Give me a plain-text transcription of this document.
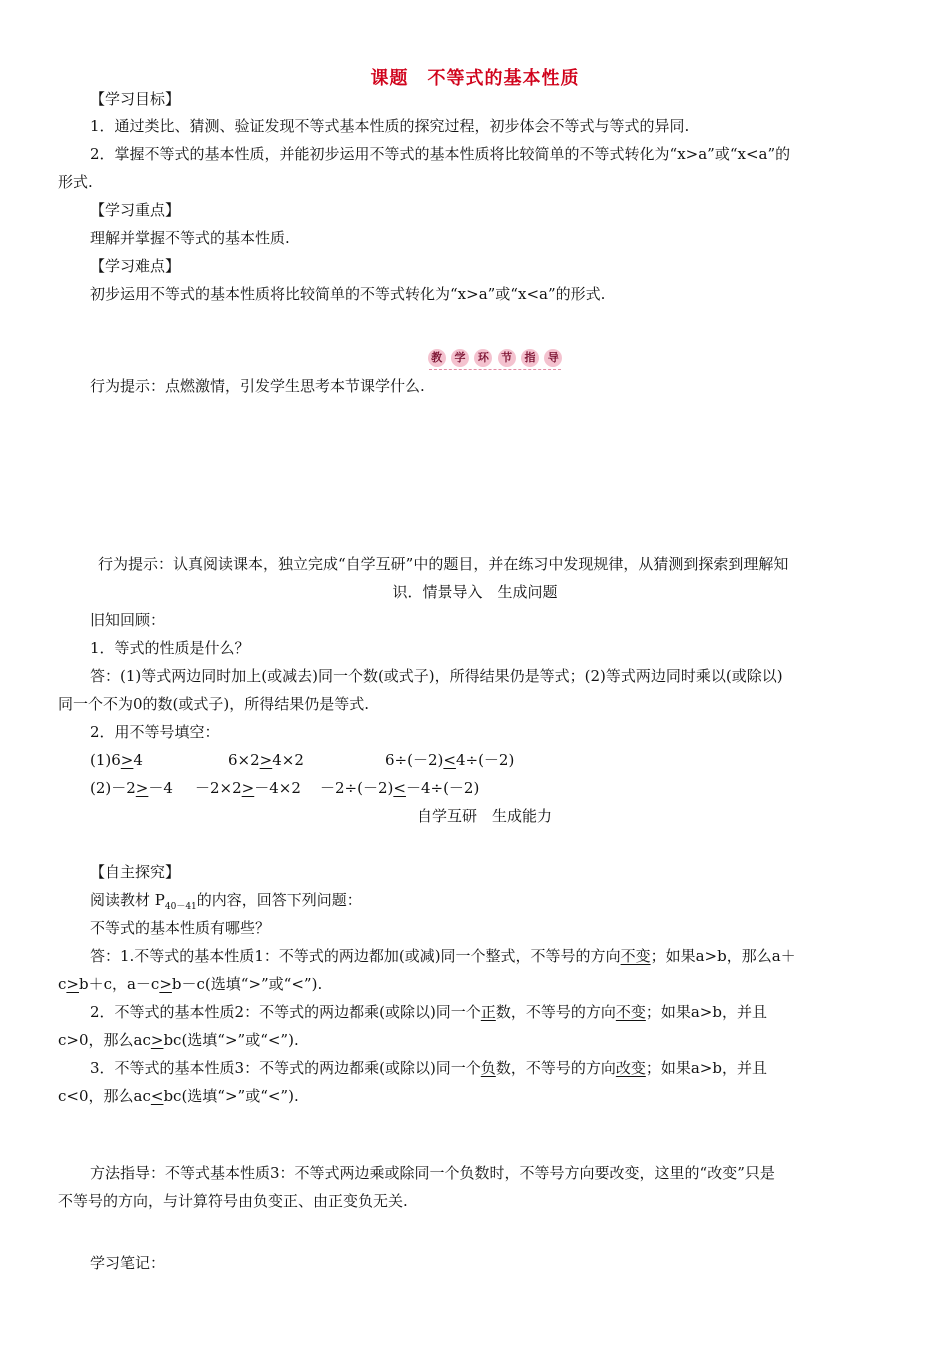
课题　不等式的基本性质
【学习目标】
1．通过类比、猜测、验证发现不等式基本性质的探究过程，初步体会不等式与等式的异同.
2．掌握不等式的基本性质，并能初步运用不等式的基本性质将比较简单的不等式转化为“x>a”或“x<a”的
形式.
【学习重点】
理解并掌握不等式的基本性质.
【学习难点】
初步运用不等式的基本性质将比较简单的不等式转化为“x>a”或“x<a”的形式.
教	学	环	节	指	导
行为提示：点燃激情，引发学生思考本节课学什么.
行为提示：认真阅读课本，独立完成“自学互研”中的题目，并在练习中发现规律，从猜测到探索到理解知
识．情景导入　生成问题
旧知回顾：
1．等式的性质是什么？
答：(1)等式两边同时加上(或减去)同一个数(或式子)，所得结果仍是等式；(2)等式两边同时乘以(或除以)
同一个不为0的数(或式子)，所得结果仍是等式.
2．用不等号填空：
(1)6>4	6×2>4×2	6÷(－2)<4÷(－2)
(2)－2>－4 －2×2>－4×2 －2÷(－2)<－4÷(－2)
自学互研　生成能力
【自主探究】
阅读教材 $P_{40-41}$的内容，回答下列问题：
不等式的基本性质有哪些？
答：1.不等式的基本性质1：不等式的两边都加(或减)同一个整式，不等号的方向不变；如果a>b，那么a＋
c>b＋c，a－c>b－c(选填“>”或“<”).
2．不等式的基本性质2：不等式的两边都乘(或除以)同一个正数，不等号的方向不变；如果a>b，并且
c>0，那么ac>bc(选填“>”或“<”).
3．不等式的基本性质3：不等式的两边都乘(或除以)同一个负数，不等号的方向改变；如果a>b，并且
c<0，那么ac<bc(选填“>”或“<”).
方法指导：不等式基本性质3：不等式两边乘或除同一个负数时，不等号方向要改变，这里的“改变”只是
不等号的方向，与计算符号由负变正、由正变负无关.
学习笔记：
